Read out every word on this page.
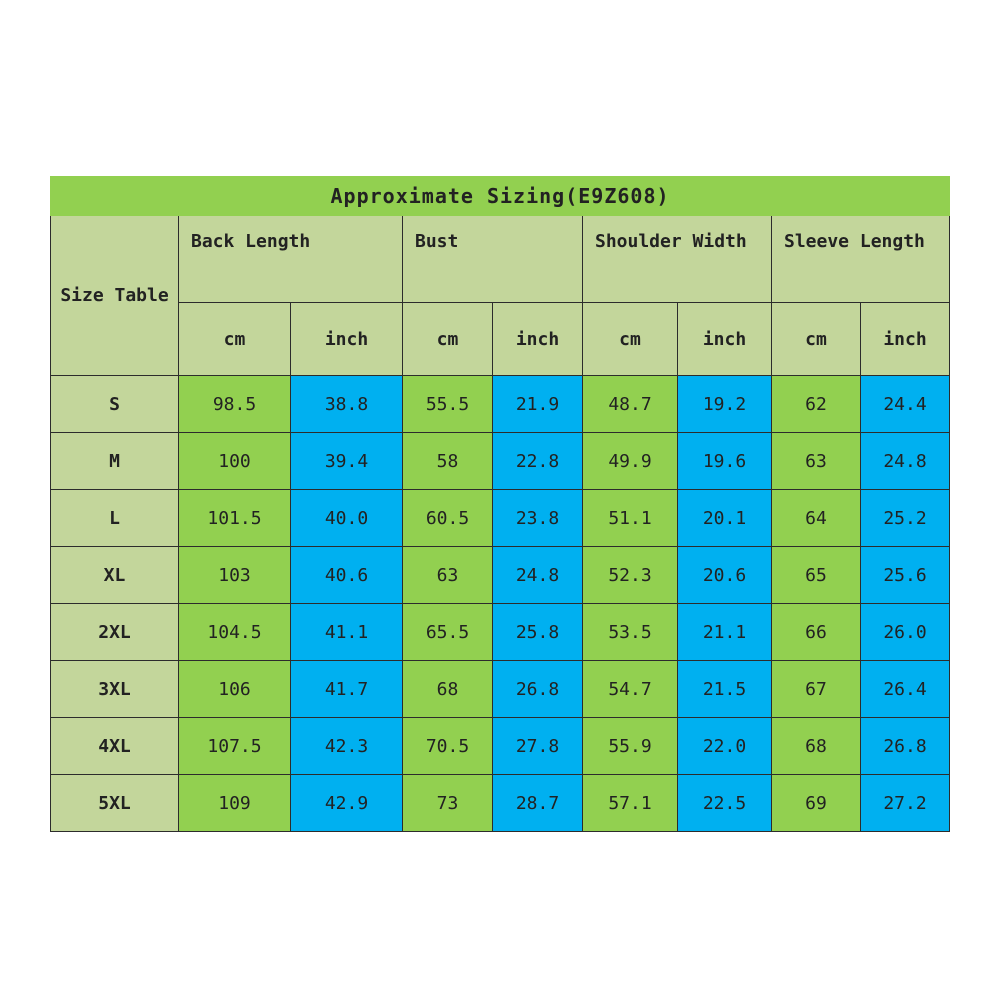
Approximate Sizing(E9Z608)								
Size Table	Back Length		Bust		Shoulder Width		Sleeve Length	
	cm	inch	cm	inch	cm	inch	cm	inch
S	98.5	38.8	55.5	21.9	48.7	19.2	62	24.4
M	100	39.4	58	22.8	49.9	19.6	63	24.8
L	101.5	40.0	60.5	23.8	51.1	20.1	64	25.2
XL	103	40.6	63	24.8	52.3	20.6	65	25.6
2XL	104.5	41.1	65.5	25.8	53.5	21.1	66	26.0
3XL	106	41.7	68	26.8	54.7	21.5	67	26.4
4XL	107.5	42.3	70.5	27.8	55.9	22.0	68	26.8
5XL	109	42.9	73	28.7	57.1	22.5	69	27.2
